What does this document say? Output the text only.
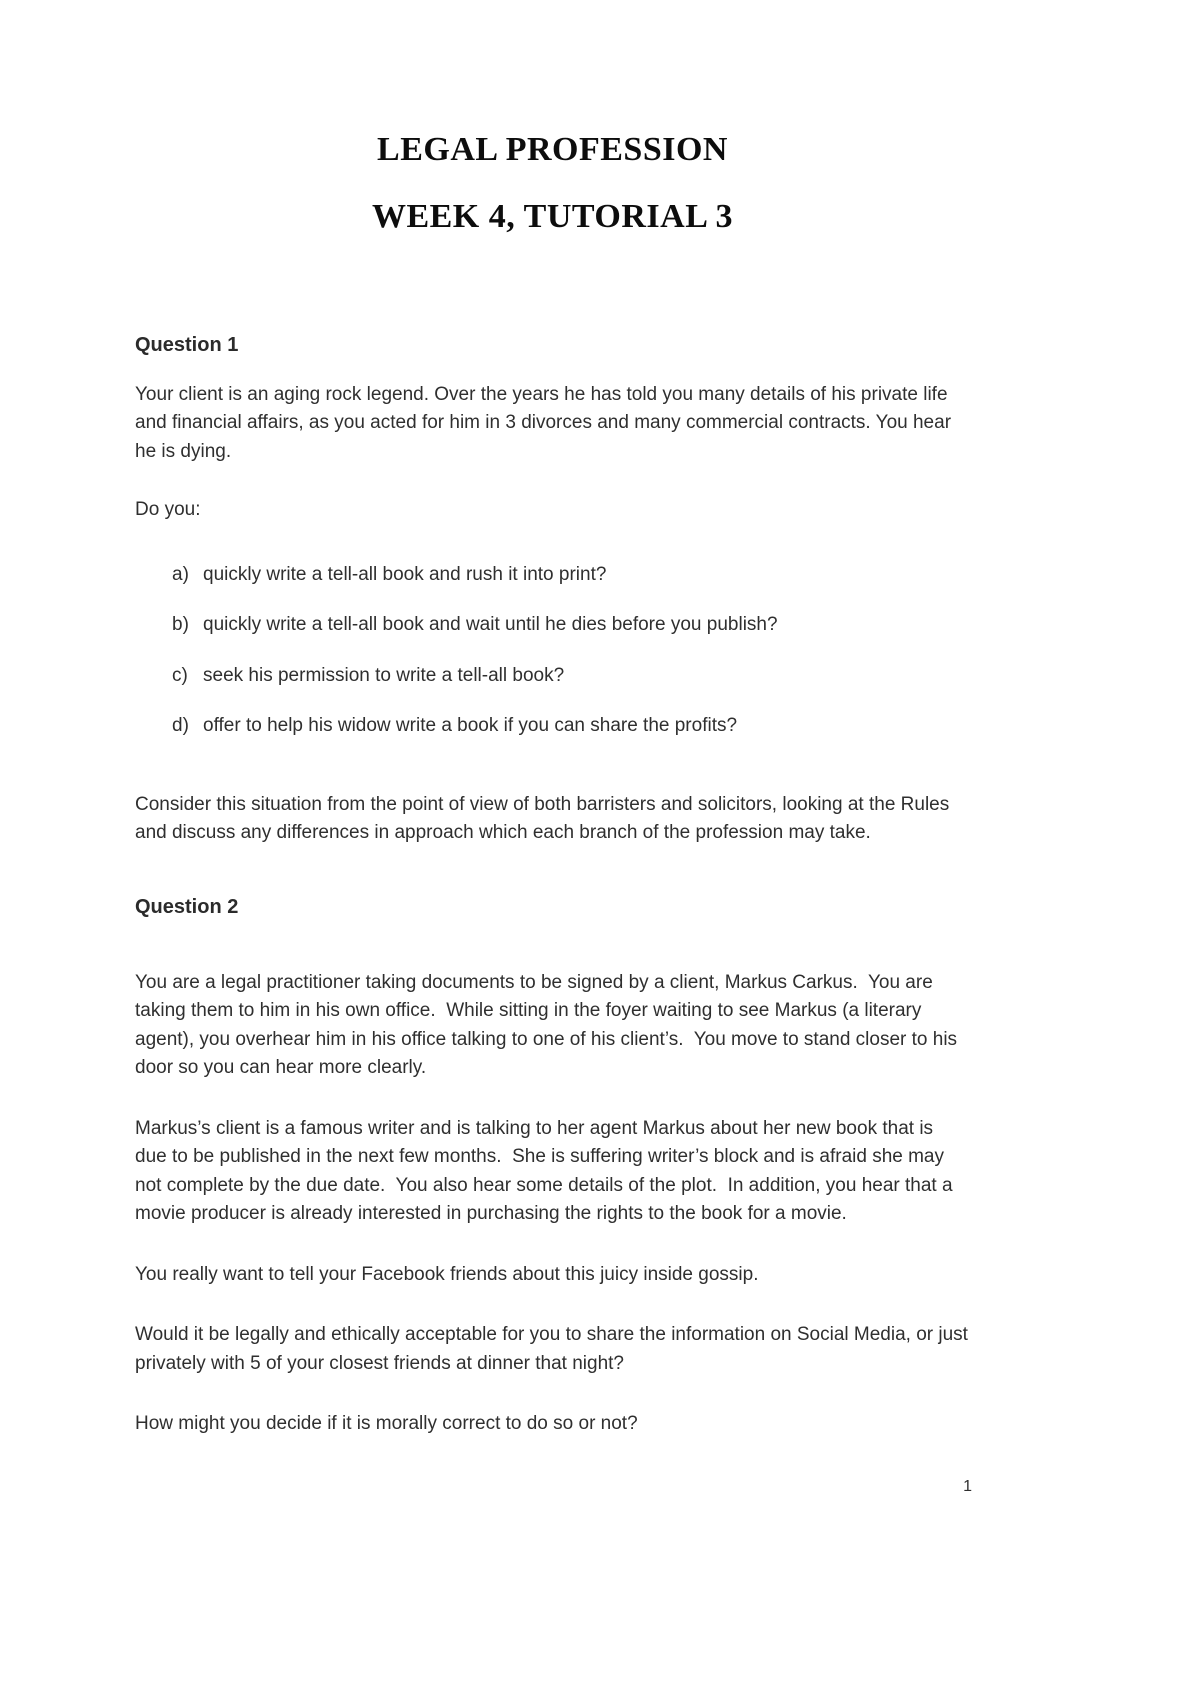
LEGAL PROFESSION
WEEK 4, TUTORIAL 3
Question 1

Your client is an aging rock legend. Over the years he has told you many details of his private life and financial affairs, as you acted for him in 3 divorces and many commercial contracts. You hear he is dying.

Do you:

a) quickly write a tell-all book and rush it into print?
b) quickly write a tell-all book and wait until he dies before you publish?
c) seek his permission to write a tell-all book?
d) offer to help his widow write a book if you can share the profits?

Consider this situation from the point of view of both barristers and solicitors, looking at the Rules and discuss any differences in approach which each branch of the profession may take.

Question 2

You are a legal practitioner taking documents to be signed by a client, Markus Carkus.  You are taking them to him in his own office.  While sitting in the foyer waiting to see Markus (a literary agent), you overhear him in his office talking to one of his client’s.  You move to stand closer to his door so you can hear more clearly.

Markus’s client is a famous writer and is talking to her agent Markus about her new book that is due to be published in the next few months.  She is suffering writer’s block and is afraid she may not complete by the due date.  You also hear some details of the plot.  In addition, you hear that a movie producer is already interested in purchasing the rights to the book for a movie.

You really want to tell your Facebook friends about this juicy inside gossip.

Would it be legally and ethically acceptable for you to share the information on Social Media, or just privately with 5 of your closest friends at dinner that night?

How might you decide if it is morally correct to do so or not?

1
